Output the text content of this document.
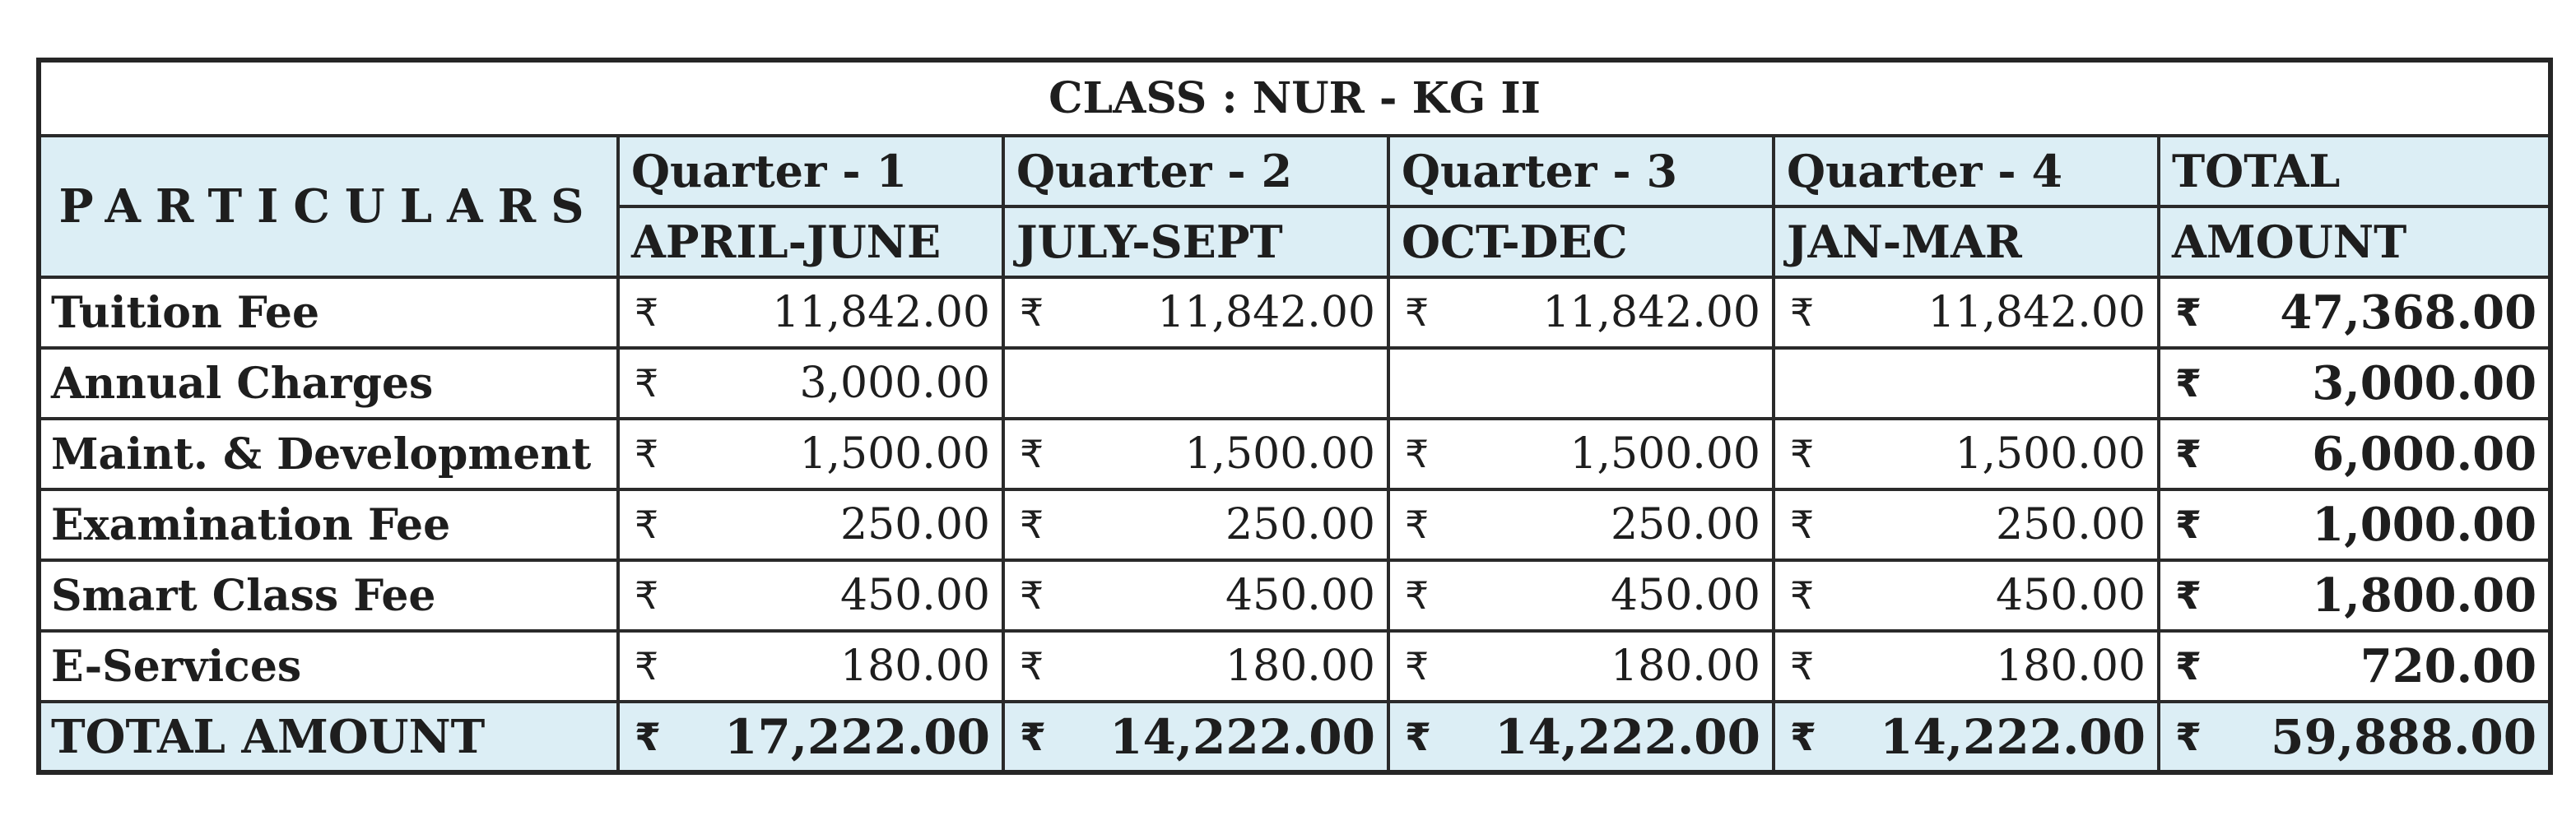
CLASS : NUR - KG II					
PARTICULARS	Quarter - 1	Quarter - 2	Quarter - 3	Quarter - 4	TOTAL
	APRIL-JUNE	JULY-SEPT	OCT-DEC	JAN-MAR	AMOUNT
Tuition Fee	₹ 11,842.00	₹ 11,842.00	₹ 11,842.00	₹ 11,842.00	₹ 47,368.00

Annual Charges	₹ 3,000.00				₹ 3,000.00

Maint. & Development	₹ 1,500.00	₹ 1,500.00	₹ 1,500.00	₹ 1,500.00	₹ 6,000.00

Examination Fee	₹ 250.00	₹ 250.00	₹ 250.00	₹ 250.00	₹ 1,000.00

Smart Class Fee	₹ 450.00	₹ 450.00	₹ 450.00	₹ 450.00	₹ 1,800.00

E-Services	₹ 180.00	₹ 180.00	₹ 180.00	₹ 180.00	₹ 720.00

TOTAL AMOUNT	₹ 17,222.00	₹ 14,222.00	₹ 14,222.00	₹ 14,222.00	₹ 59,888.00
